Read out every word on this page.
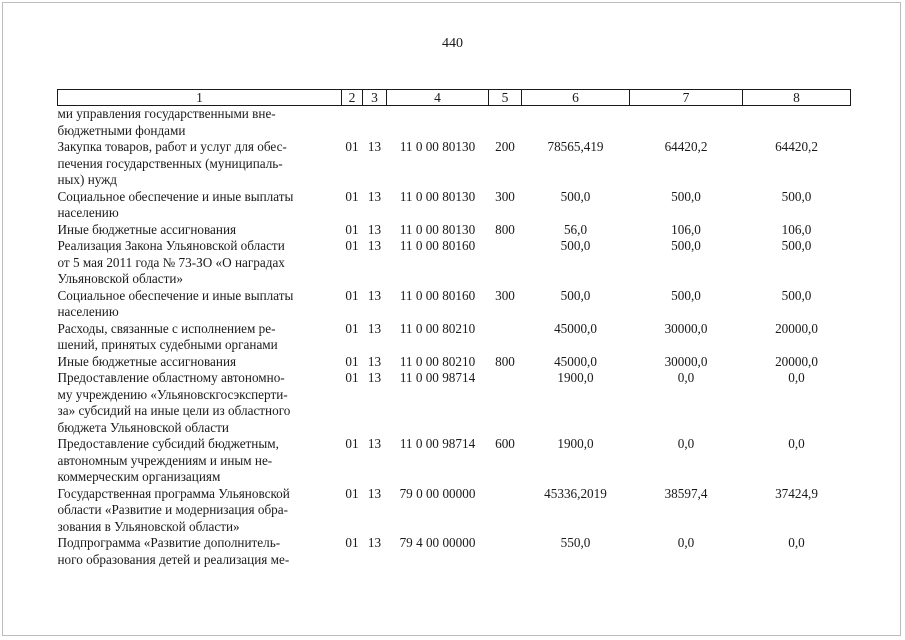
440
1	2	3	4	5	6	7	8
ми управления государственными вне-
бюджетными фондами							
Закупка товаров, работ и услуг для обес-
печения государственных (муниципаль-
ных) нужд	01	13	11 0 00 80130	200	78565,419	64420,2	64420,2
Социальное обеспечение и иные выплаты
населению	01	13	11 0 00 80130	300	500,0	500,0	500,0
Иные бюджетные ассигнования	01	13	11 0 00 80130	800	56,0	106,0	106,0
Реализация Закона Ульяновской области
от 5 мая 2011 года № 73-ЗО «О наградах
Ульяновской области»	01	13	11 0 00 80160		500,0	500,0	500,0
Социальное обеспечение и иные выплаты
населению	01	13	11 0 00 80160	300	500,0	500,0	500,0
Расходы, связанные с исполнением ре-
шений, принятых судебными органами	01	13	11 0 00 80210		45000,0	30000,0	20000,0
Иные бюджетные ассигнования	01	13	11 0 00 80210	800	45000,0	30000,0	20000,0
Предоставление областному автономно-
му учреждению «Ульяновскгосэксперти-
за» субсидий на иные цели из областного
бюджета Ульяновской области	01	13	11 0 00 98714		1900,0	0,0	0,0
Предоставление субсидий бюджетным,
автономным учреждениям и иным не-
коммерческим организациям	01	13	11 0 00 98714	600	1900,0	0,0	0,0
Государственная программа Ульяновской
области «Развитие и модернизация обра-
зования в Ульяновской области»	01	13	79 0 00 00000		45336,2019	38597,4	37424,9
Подпрограмма «Развитие дополнитель-
ного образования детей и реализация ме-	01	13	79 4 00 00000		550,0	0,0	0,0
